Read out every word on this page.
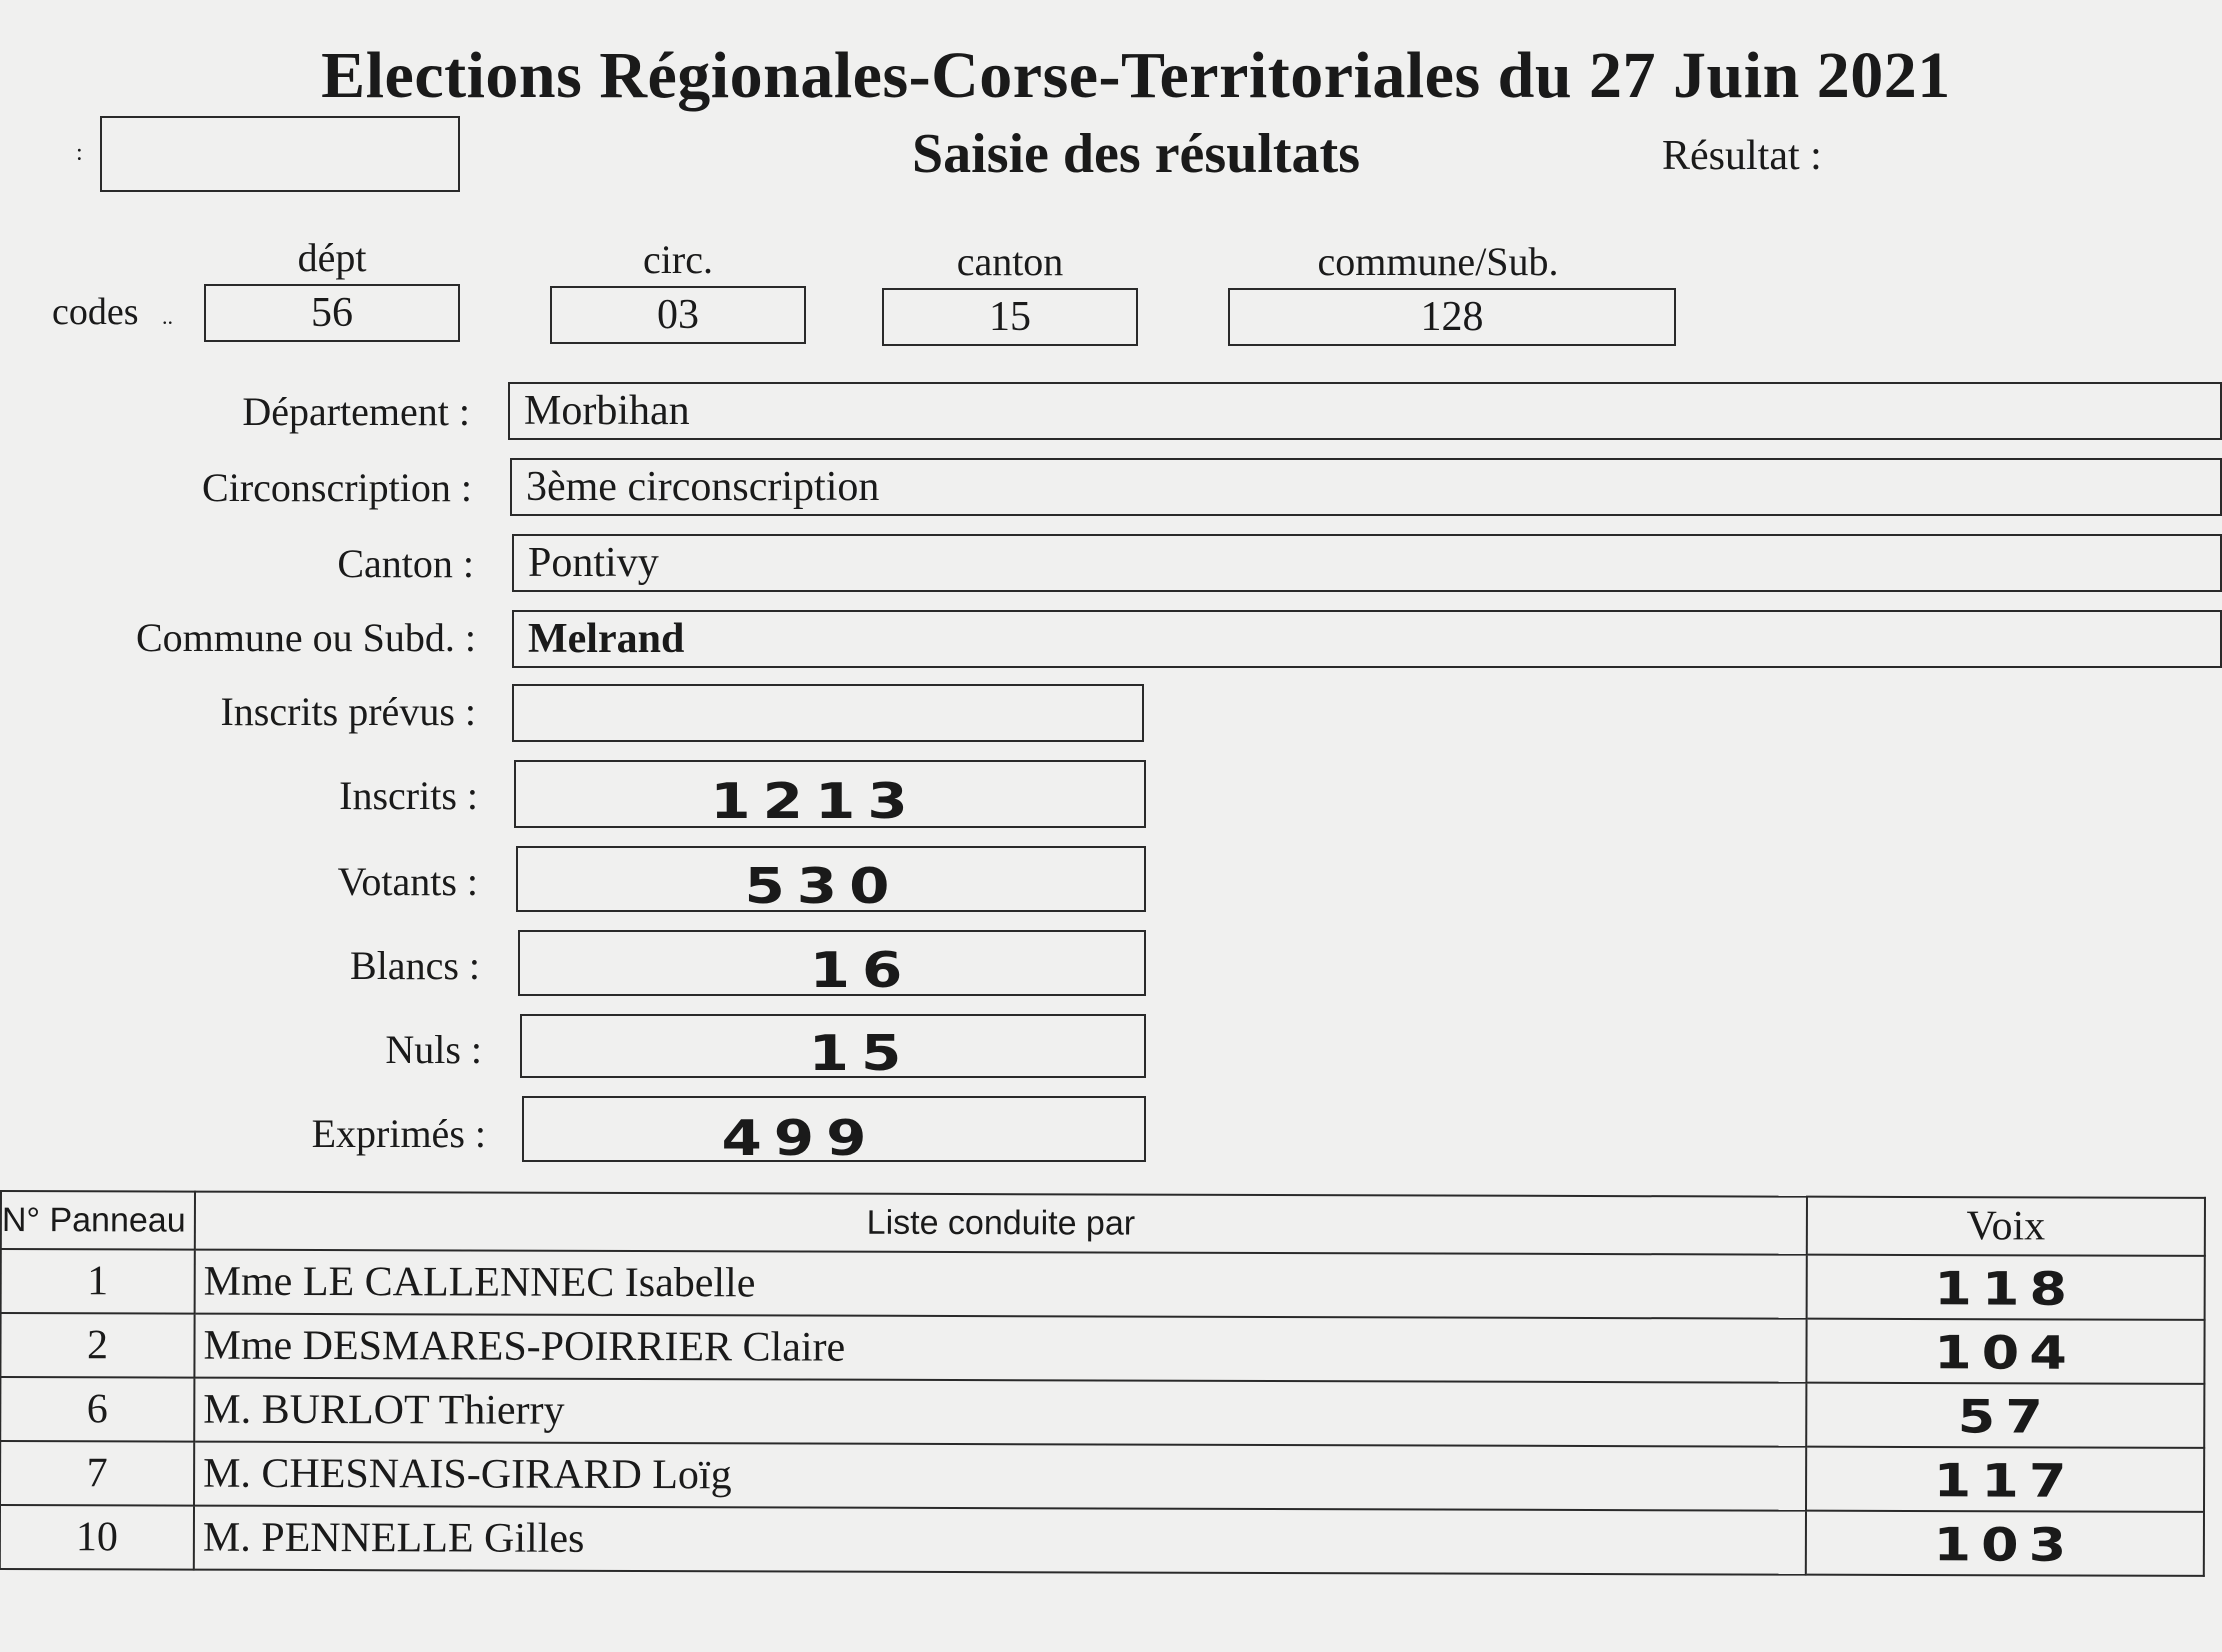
Elections Régionales-Corse-Territoriales du 27 Juin 2021
:	Saisie des résultats	Résultat :
codes ..
dépt
56
circ.
03
canton
15
commune/Sub.
128
Département :	Morbihan
Circonscription :	3ème circonscription
Canton :	Pontivy
Commune ou Subd. :	Melrand
Inscrits prévus :
Inscrits :	1213
Votants :	530
Blancs :	16
Nuls :	15
Exprimés :	499
N° Panneau	Liste conduite par	Voix
1	Mme LE CALLENNEC Isabelle	118
2	Mme DESMARES-POIRRIER Claire	104
6	M. BURLOT Thierry	57
7	M. CHESNAIS-GIRARD Loïg	117
10	M. PENNELLE Gilles	103
